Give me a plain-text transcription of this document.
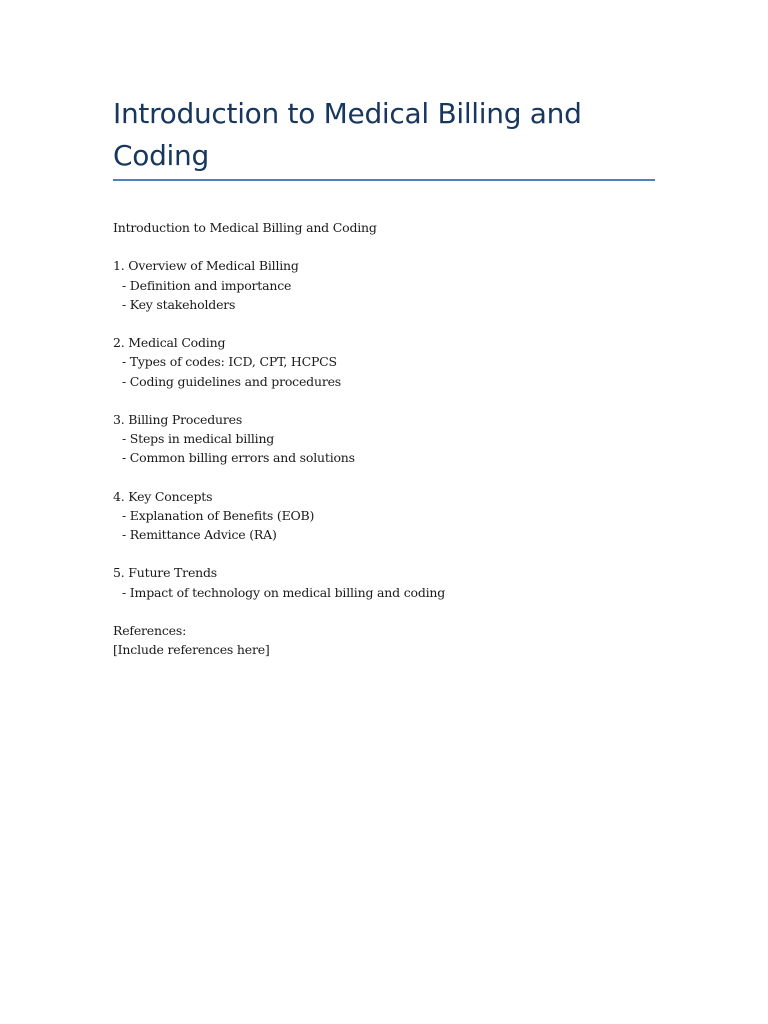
Introduction to Medical Billing and Coding
Introduction to Medical Billing and Coding
1. Overview of Medical Billing
- Definition and importance
- Key stakeholders
2. Medical Coding
- Types of codes: ICD, CPT, HCPCS
- Coding guidelines and procedures
3. Billing Procedures
- Steps in medical billing
- Common billing errors and solutions
4. Key Concepts
- Explanation of Benefits (EOB)
- Remittance Advice (RA)
5. Future Trends
- Impact of technology on medical billing and coding
References:
[Include references here]
